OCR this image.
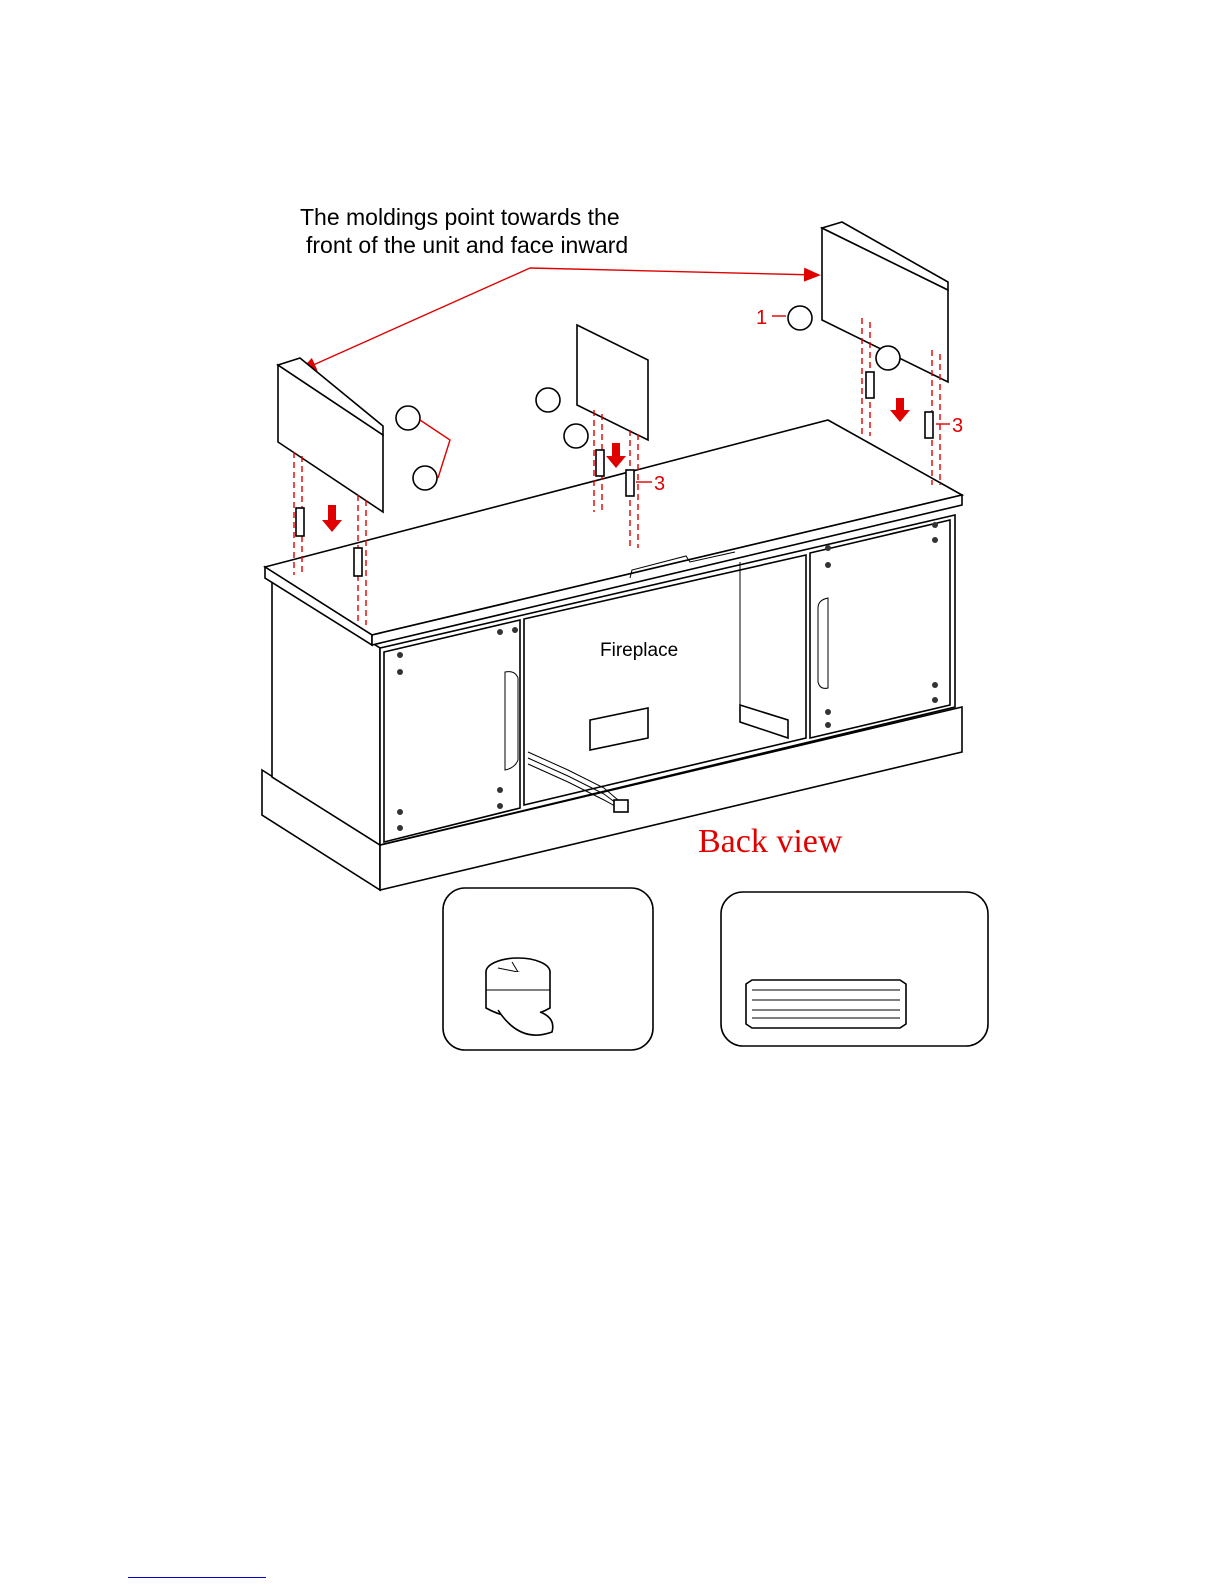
The moldings point towards the
front of the unit and face inward
Fireplace
Back view
3
1
3
